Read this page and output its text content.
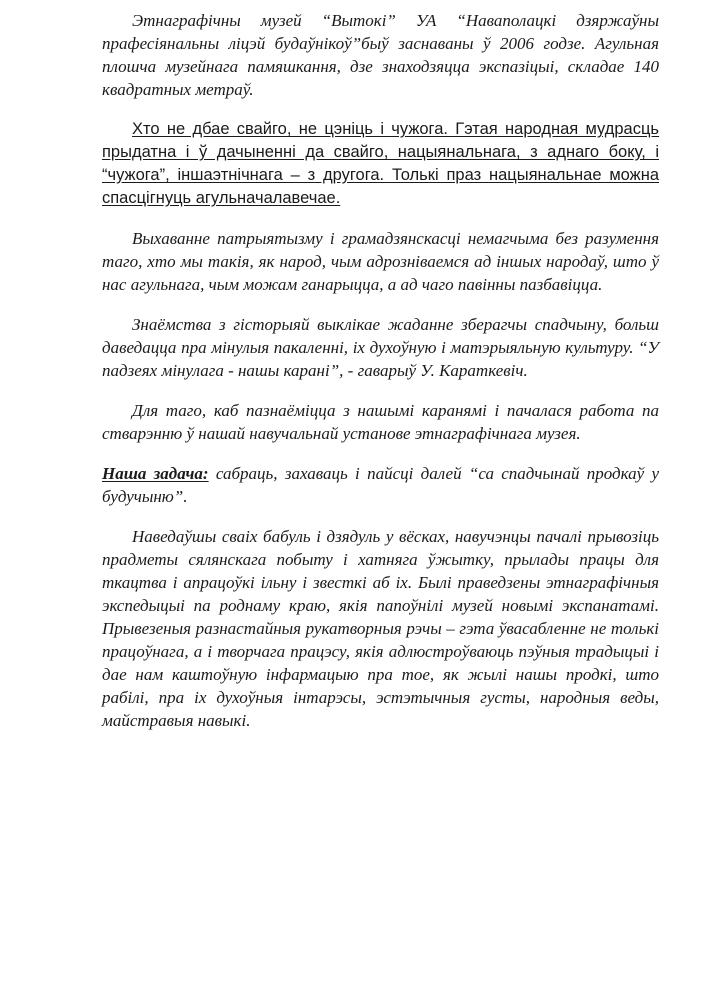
Этнаграфічны музей “Вытокі” УА “Наваполацкі дзяржаўны прафесіянальны ліцэй будаўнікоў”быў заснаваны ў 2006 годзе. Агульная плошча музейнага памяшкання, дзе знаходзяцца экспазіцыі, складае 140 квадратных метраў.

Хто не дбае свайго, не цэніць і чужога. Гэтая народная мудрасць прыдатна і ў дачыненні да свайго, нацыянальнага, з аднаго боку, і “чужога”, іншаэтнічнага – з другога. Толькі праз нацыянальнае можна спасцігнуць агульначалавечае.

Выхаванне патрыятызму і грамадзянскасці немагчыма без разумення таго, хто мы такія, як народ, чым адрозніваемся ад іншых народаў, што ў нас агульнага, чым можам ганарыцца, а ад чаго павінны пазбавіцца.

Знаёмства з гісторыяй выклікае жаданне зберагчы спадчыну, больш даведацца пра мінулыя пакаленні, іх духоўную і матэрыяльную культуру. “У падзеях мінулага - нашы карані”, - гаварыў У. Караткевіч.

Для таго, каб пазнаёміцца з нашымі каранямі і пачалася работа па стварэнню ў нашай навучальнай установе этнаграфічнага музея.

Наша задача: сабраць, захаваць і пайсці далей “са спадчынай продкаў у будучыню”.

Наведаўшы сваіх бабуль і дзядуль у вёсках, навучэнцы пачалі прывозіць прадметы сялянскага побыту і хатняга ўжытку, прылады працы для ткацтва і апрацоўкі ільну і звесткі аб іх. Былі праведзены этнаграфічныя экспедыцыі па роднаму краю, якія папоўнілі музей новымі экспанатамі. Прывезеныя разнастайныя рукатворныя рэчы – гэта ўвасабленне не толькі працоўнага, а і творчага працэсу, якія адлюстроўваюць пэўныя традыцыі і дае нам каштоўную інфармацыю пра тое, як жылі нашы продкі, што рабілі, пра іх духоўныя інтарэсы, эстэтычныя густы, народныя веды, майстравыя навыкі.
